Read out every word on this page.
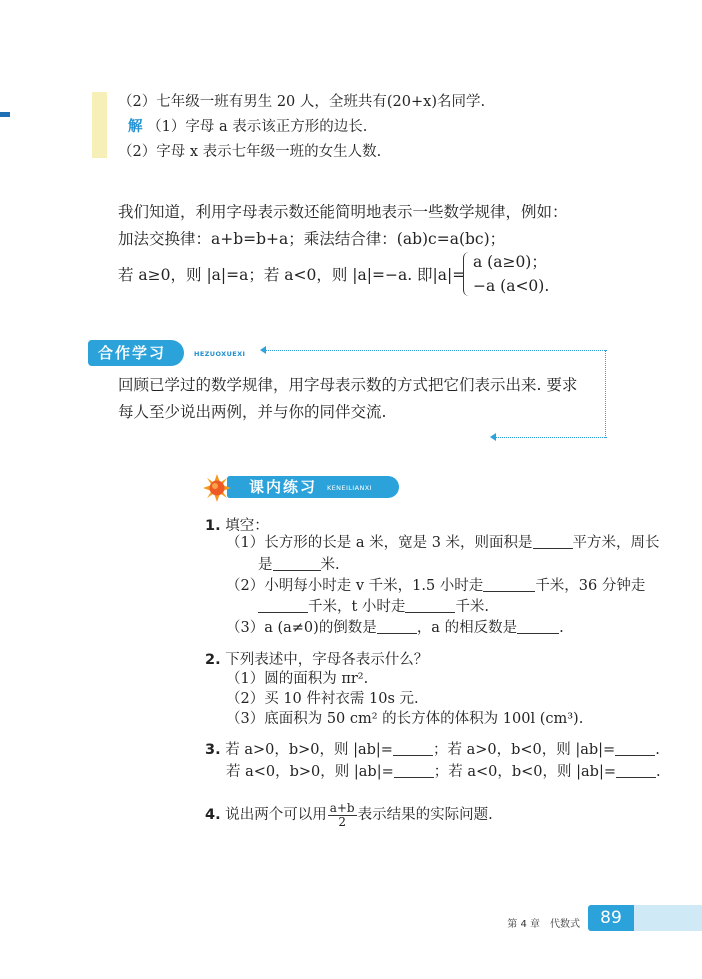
（2）七年级一班有男生 20 人，全班共有(20+x)名同学.
解 （1）字母 a 表示该正方形的边长.
（2）字母 x 表示七年级一班的女生人数.
我们知道，利用字母表示数还能简明地表示一些数学规律，例如：
加法交换律：a+b=b+a；乘法结合律：(ab)c=a(bc)；
若 a≥0，则 |a|=a；若 a<0，则 |a|=−a. 即|a|=
a (a≥0)；
−a (a<0).
合作学习	HEZUOXUEXI
回顾已学过的数学规律，用字母表示数的方式把它们表示出来. 要求
每人至少说出两例，并与你的同伴交流.
课内练习 KENEILIANXI
1. 填空：
（1）长方形的长是 a 米，宽是 3 米，则面积是	平方米，周长
是	米.
（2）小明每小时走 v 千米，1.5 小时走	千米，36 分钟走
千米，t 小时走	千米.
（3）a (a≠0)的倒数是	，a 的相反数是	.
2. 下列表述中，字母各表示什么？
（1）圆的面积为 πr².
（2）买 10 件衬衣需 10s 元.
（3）底面积为 50 cm² 的长方体的体积为 100l (cm³).
3. 若 a>0，b>0，则 |ab|=	；若 a>0，b<0，则 |ab|=	.
若 a<0，b>0，则 |ab|=	；若 a<0，b<0，则 |ab|=	.
4. 说出两个可以用 $\frac{a+b}{2}$ 表示结果的实际问题.
第 4 章　代数式	89
